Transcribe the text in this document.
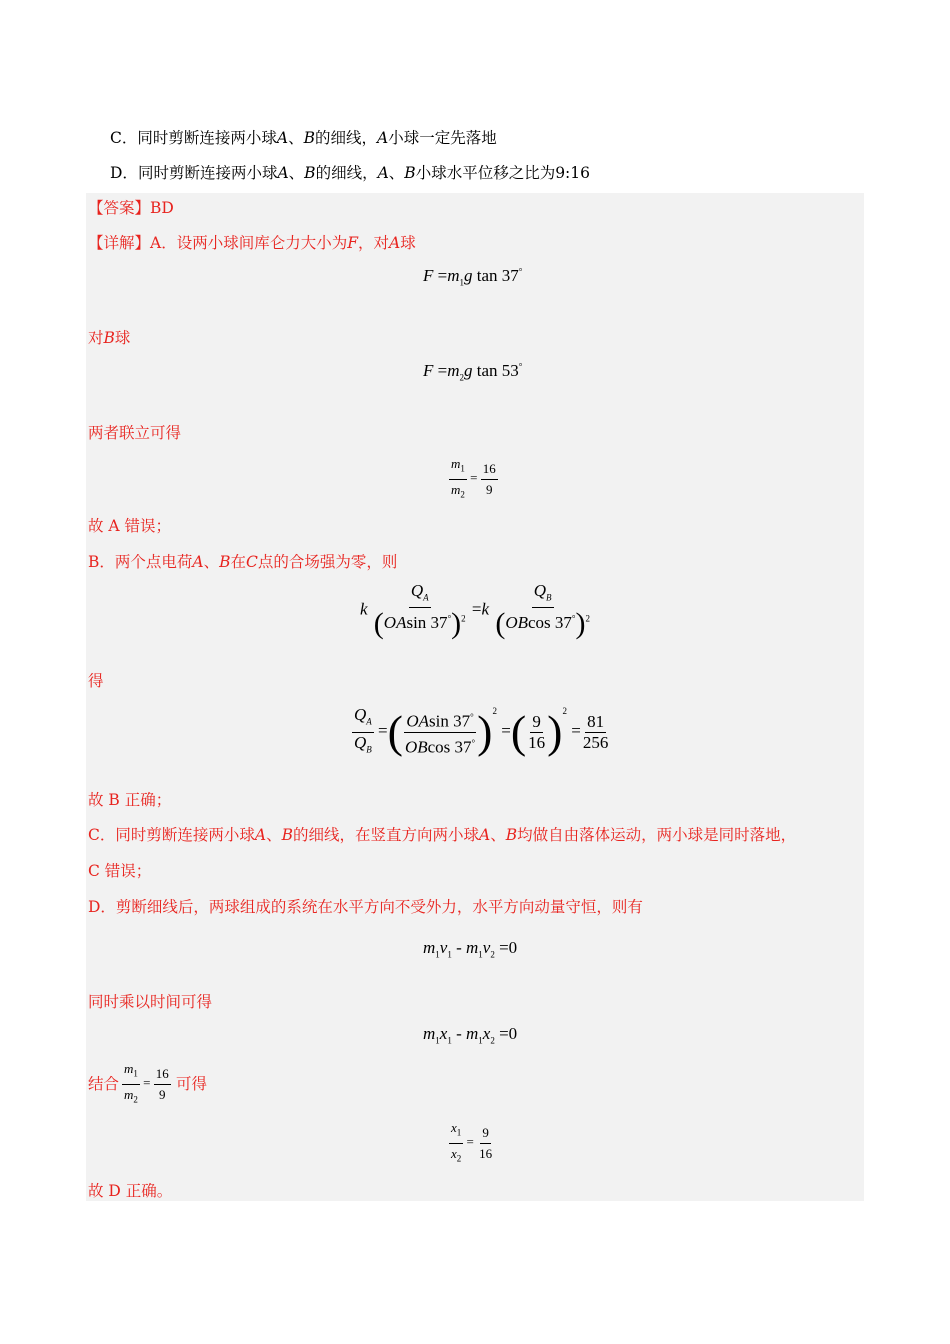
C．同时剪断连接两小球A、B的细线，A小球一定先落地
D．同时剪断连接两小球A、B的细线，A、B小球水平位移之比为9:16
【答案】BD
【详解】A．设两小球间库仑力大小为F，对A球
$F =m_1g$ tan 37°
对B球
$F =m_2g$ tan 53°
两者联立可得
$\frac{m_1}{m_2} = \frac{16}{9}$
故 A 错误；
B．两个点电荷A、B在C点的合场强为零，则
k $\frac{Q_A}{(OAsin 37^\circ)^2} =k \frac{Q_B}{(OBcos 37^\circ)^2}$
得
$\frac{Q_A}{Q_B}$ =( $\frac{OAsin 37^\circ}{OBcos 37^\circ} )^2$ =( $\frac{9}{16} )^2 = \frac{81}{256}$
故 B 正确；
C．同时剪断连接两小球A、B的细线，在竖直方向两小球A、B均做自由落体运动，两小球是同时落地，
C 错误；
D．剪断细线后，两球组成的系统在水平方向不受外力，水平方向动量守恒，则有
$m_1v_1 - m_1v_2 =0$
同时乘以时间可得
$m_1x_1 - m_1x_2 =0$
结合 $\frac{m_1}{m_2} = \frac{16}{9}$ 可得
$\frac{x_1}{x_2} = \frac{9}{16}$
故 D 正确。
